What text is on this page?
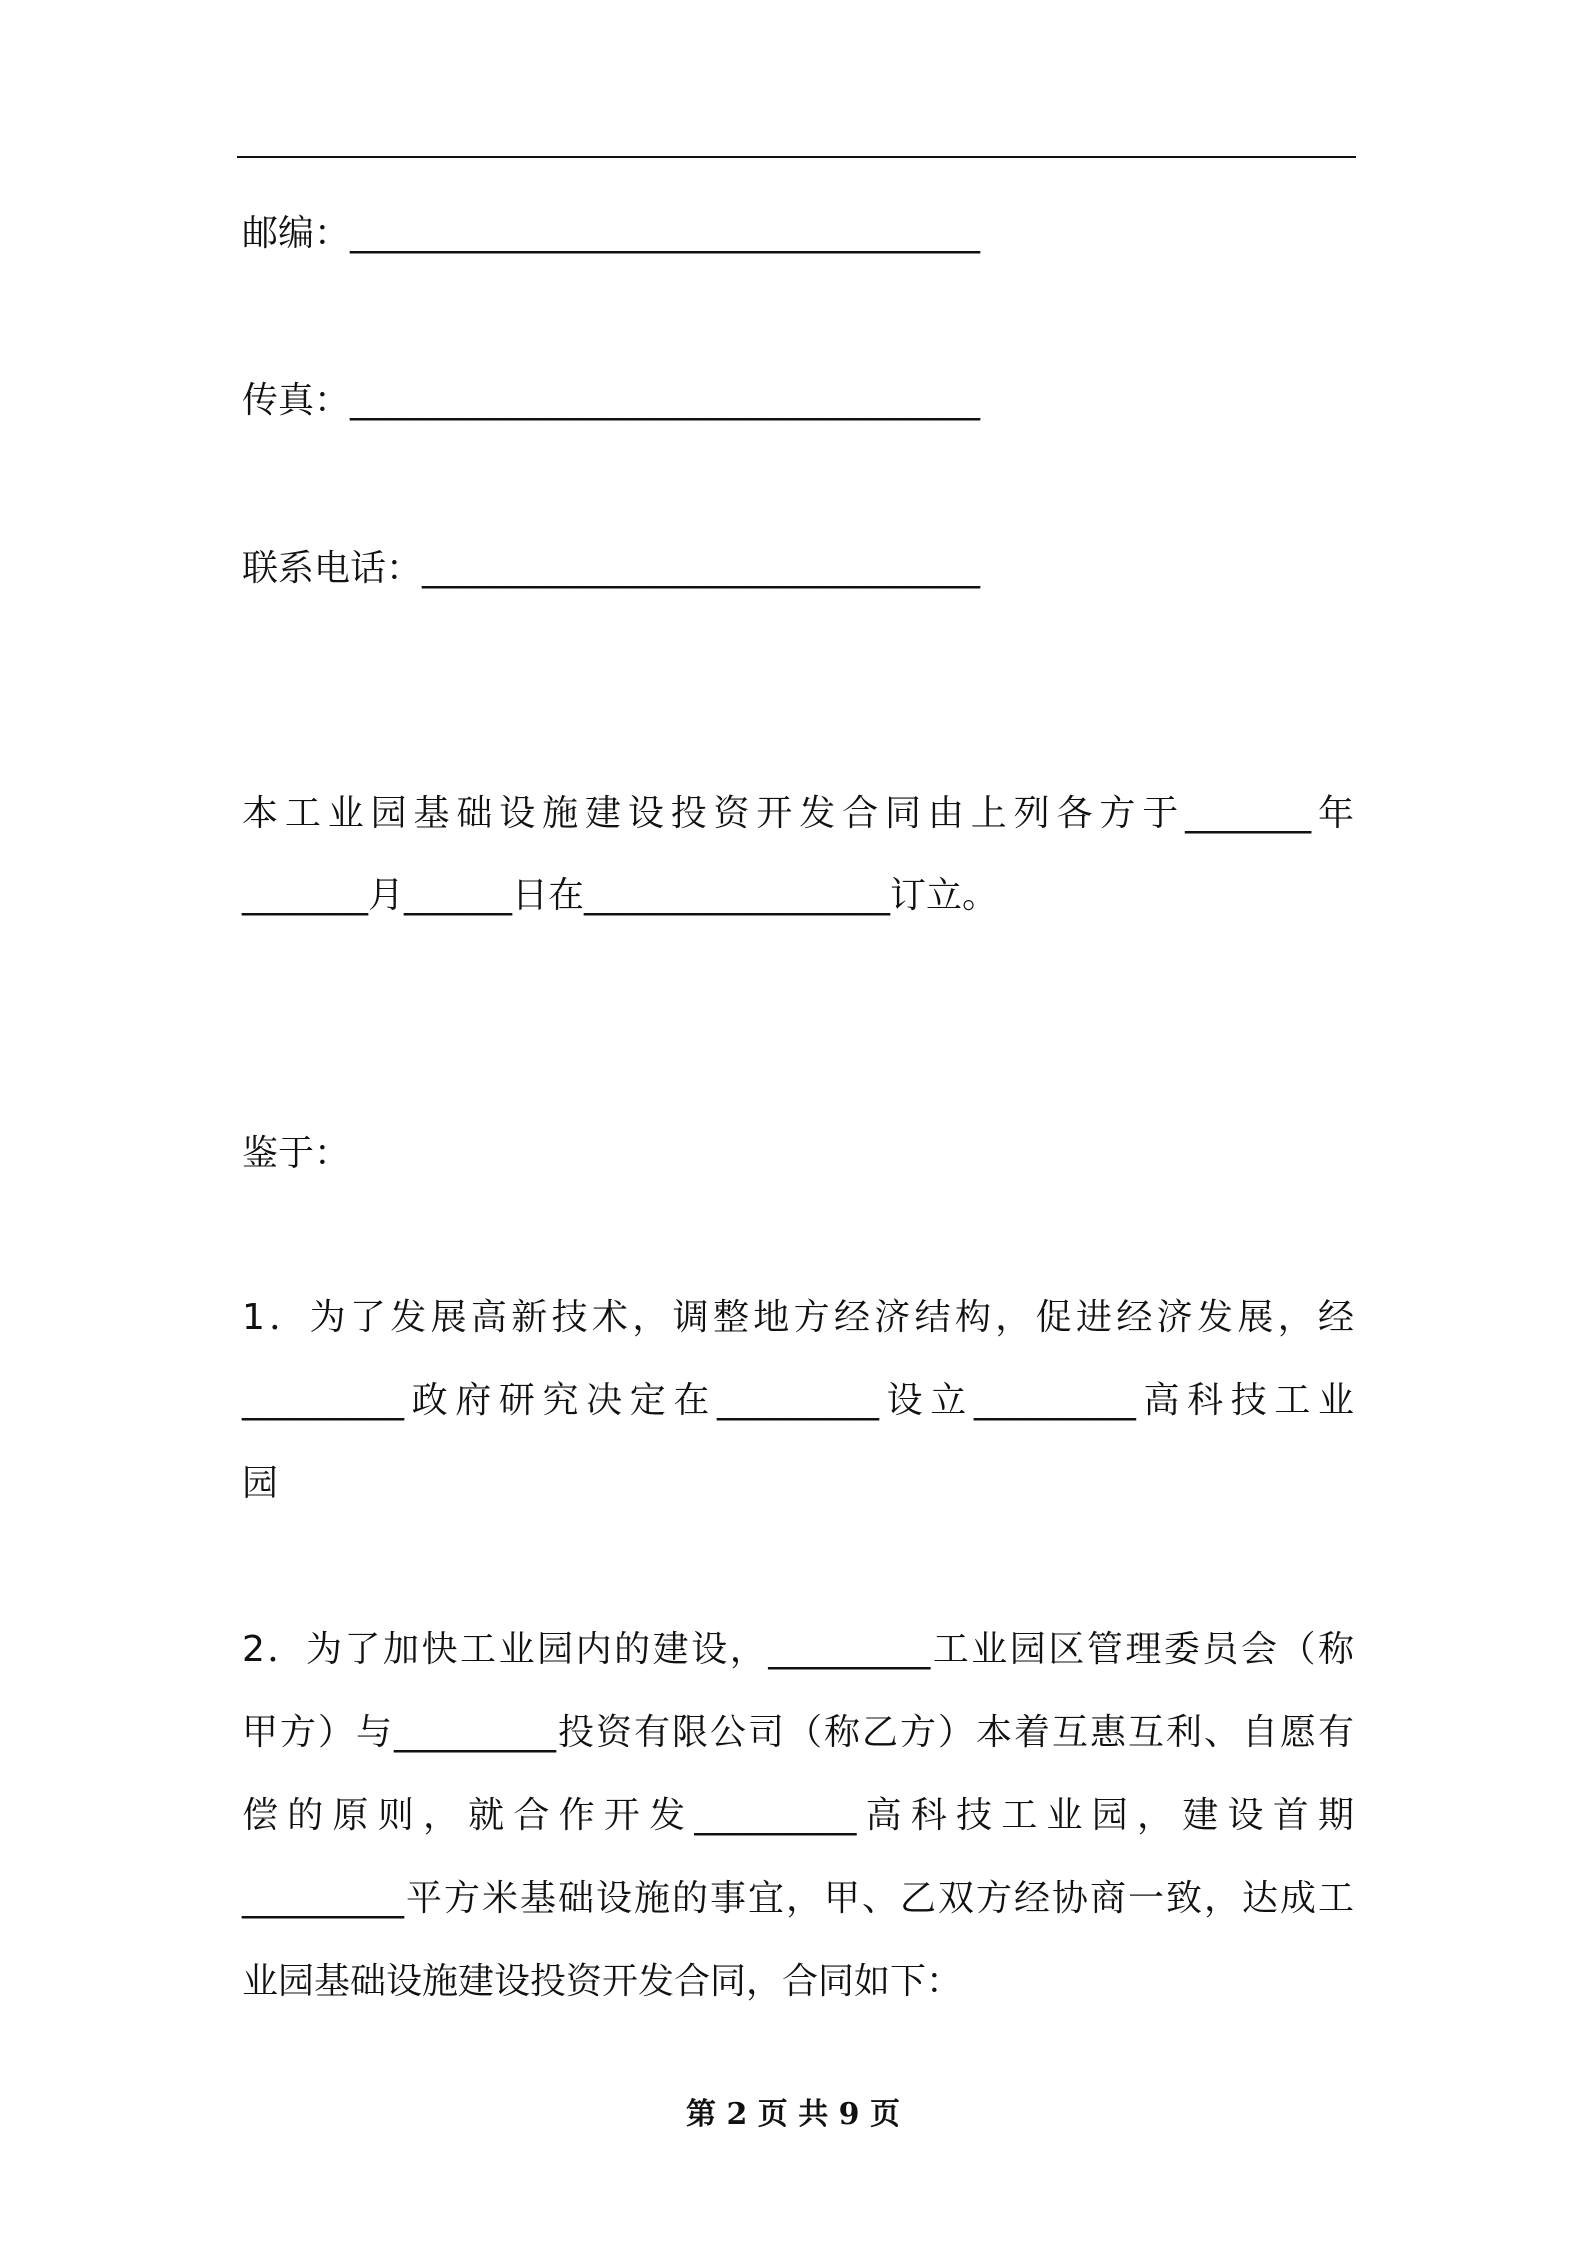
邮编：___________________________________

传真：___________________________________

联系电话：_______________________________

本工业园基础设施建设投资开发合同由上列各方于_______年

_______月______日在_________________订立。

鉴于：

1．为了发展高新技术，调整地方经济结构，促进经济发展，经

_________政府研究决定在_________设立_________高科技工业

园

2．为了加快工业园内的建设，_________工业园区管理委员会（称

甲方）与_________投资有限公司（称乙方）本着互惠互利、自愿有

偿的原则，就合作开发_________高科技工业园，建设首期

_________平方米基础设施的事宜，甲、乙双方经协商一致，达成工

业园基础设施建设投资开发合同，合同如下：

第 2 页 共 9 页
